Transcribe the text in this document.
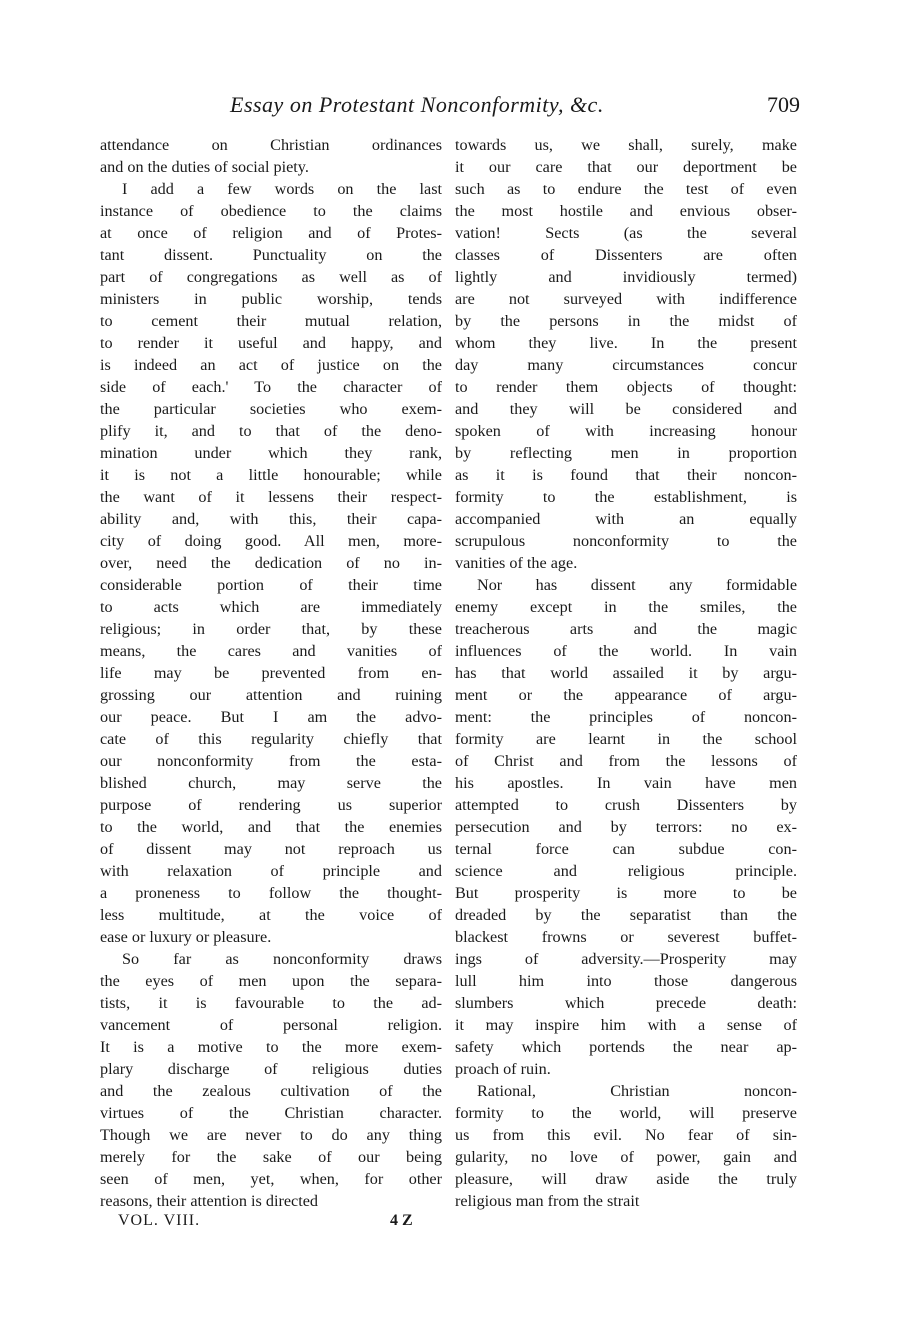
Essay on Protestant Nonconformity, &c.	709
attendance on Christian ordinances
and on the duties of social piety.
I add a few words on the last
instance of obedience to the claims
at once of religion and of Protes-
tant dissent. Punctuality on the
part of congregations as well as of
ministers in public worship, tends
to cement their mutual relation,
to render it useful and happy, and
is indeed an act of justice on the
side of each.' To the character of
the particular societies who exem-
plify it, and to that of the deno-
mination under which they rank,
it is not a little honourable; while
the want of it lessens their respect-
ability and, with this, their capa-
city of doing good. All men, more-
over, need the dedication of no in-
considerable portion of their time
to acts which are immediately
religious; in order that, by these
means, the cares and vanities of
life may be prevented from en-
grossing our attention and ruining
our peace. But I am the advo-
cate of this regularity chiefly that
our nonconformity from the esta-
blished church, may serve the
purpose of rendering us superior
to the world, and that the enemies
of dissent may not reproach us
with relaxation of principle and
a proneness to follow the thought-
less multitude, at the voice of
ease or luxury or pleasure.
So far as nonconformity draws
the eyes of men upon the separa-
tists, it is favourable to the ad-
vancement of personal religion.
It is a motive to the more exem-
plary discharge of religious duties
and the zealous cultivation of the
virtues of the Christian character.
Though we are never to do any thing
merely for the sake of our being
seen of men, yet, when, for other
reasons, their attention is directed
towards us, we shall, surely, make
it our care that our deportment be
such as to endure the test of even
the most hostile and envious obser-
vation! Sects (as the several
classes of Dissenters are often
lightly and invidiously termed)
are not surveyed with indifference
by the persons in the midst of
whom they live. In the present
day many circumstances concur
to render them objects of thought:
and they will be considered and
spoken of with increasing honour
by reflecting men in proportion
as it is found that their noncon-
formity to the establishment, is
accompanied with an equally
scrupulous nonconformity to the
vanities of the age.
Nor has dissent any formidable
enemy except in the smiles, the
treacherous arts and the magic
influences of the world. In vain
has that world assailed it by argu-
ment or the appearance of argu-
ment: the principles of noncon-
formity are learnt in the school
of Christ and from the lessons of
his apostles. In vain have men
attempted to crush Dissenters by
persecution and by terrors: no ex-
ternal force can subdue con-
science and religious principle.
But prosperity is more to be
dreaded by the separatist than the
blackest frowns or severest buffet-
ings of adversity.—Prosperity may
lull him into those dangerous
slumbers which precede death:
it may inspire him with a sense of
safety which portends the near ap-
proach of ruin.
Rational, Christian noncon-
formity to the world, will preserve
us from this evil. No fear of sin-
gularity, no love of power, gain and
pleasure, will draw aside the truly
religious man from the strait
VOL. VIII.	4 Z
